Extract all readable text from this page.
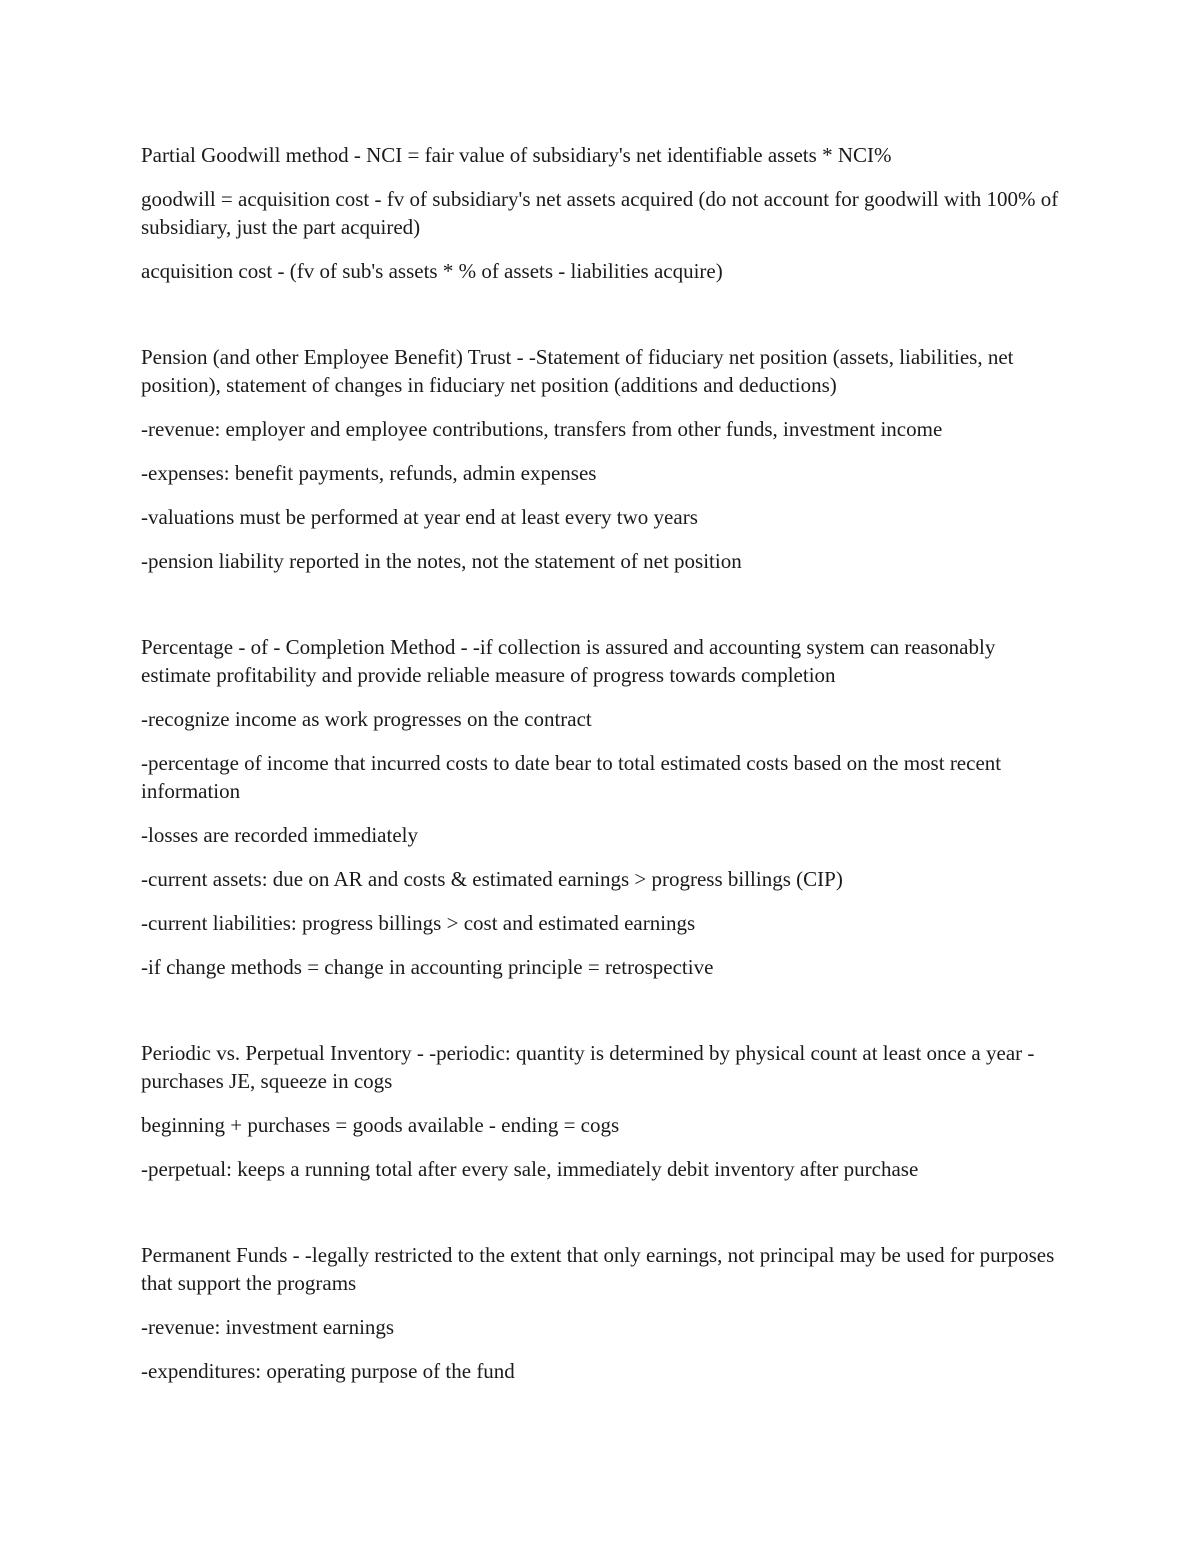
Partial Goodwill method - NCI = fair value of subsidiary's net identifiable assets * NCI%

goodwill = acquisition cost - fv of subsidiary's net assets acquired (do not account for goodwill with 100% of subsidiary, just the part acquired)

acquisition cost - (fv of sub's assets * % of assets - liabilities acquire)

Pension (and other Employee Benefit) Trust - -Statement of fiduciary net position (assets, liabilities, net position), statement of changes in fiduciary net position (additions and deductions)

-revenue: employer and employee contributions, transfers from other funds, investment income

-expenses: benefit payments, refunds, admin expenses

-valuations must be performed at year end at least every two years

-pension liability reported in the notes, not the statement of net position

Percentage - of - Completion Method - -if collection is assured and accounting system can reasonably estimate profitability and provide reliable measure of progress towards completion

-recognize income as work progresses on the contract

-percentage of income that incurred costs to date bear to total estimated costs based on the most recent information

-losses are recorded immediately

-current assets: due on AR and costs & estimated earnings > progress billings (CIP)

-current liabilities: progress billings > cost and estimated earnings

-if change methods = change in accounting principle = retrospective

Periodic vs. Perpetual Inventory - -periodic: quantity is determined by physical count at least once a year - purchases JE, squeeze in cogs

beginning + purchases = goods available - ending = cogs

-perpetual: keeps a running total after every sale, immediately debit inventory after purchase

Permanent Funds - -legally restricted to the extent that only earnings, not principal may be used for purposes that support the programs

-revenue: investment earnings

-expenditures: operating purpose of the fund
